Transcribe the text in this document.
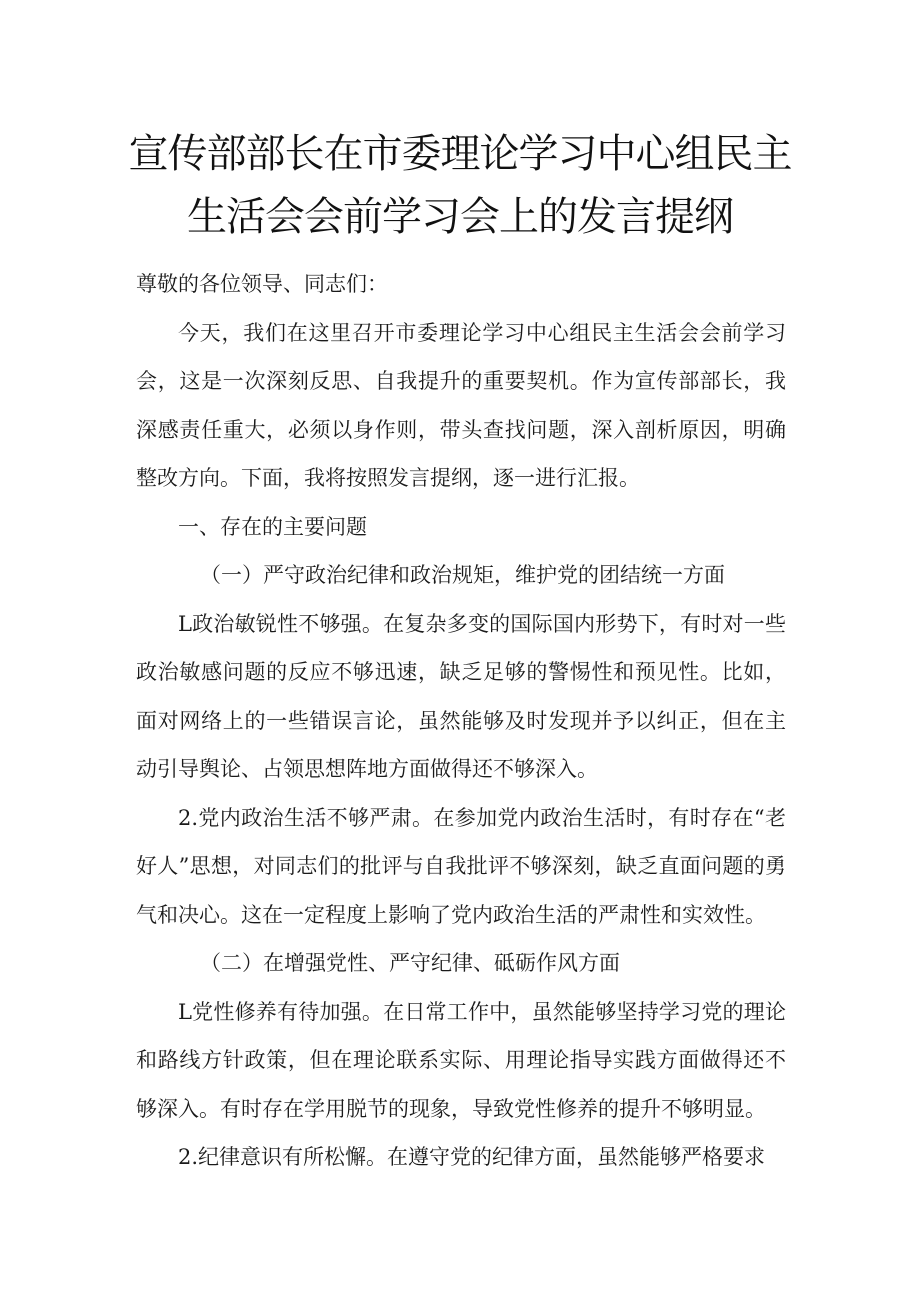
宣传部部长在市委理论学习中心组民主
生活会会前学习会上的发言提纲

尊敬的各位领导、同志们：

今天，我们在这里召开市委理论学习中心组民主生活会会前学习会，这是一次深刻反思、自我提升的重要契机。作为宣传部部长，我深感责任重大，必须以身作则，带头查找问题，深入剖析原因，明确整改方向。下面，我将按照发言提纲，逐一进行汇报。

一、存在的主要问题

（一）严守政治纪律和政治规矩，维护党的团结统一方面

L政治敏锐性不够强。在复杂多变的国际国内形势下，有时对一些政治敏感问题的反应不够迅速，缺乏足够的警惕性和预见性。比如，面对网络上的一些错误言论，虽然能够及时发现并予以纠正，但在主动引导舆论、占领思想阵地方面做得还不够深入。

2.党内政治生活不够严肃。在参加党内政治生活时，有时存在“老好人”思想，对同志们的批评与自我批评不够深刻，缺乏直面问题的勇气和决心。这在一定程度上影响了党内政治生活的严肃性和实效性。

（二）在增强党性、严守纪律、砥砺作风方面

L党性修养有待加强。在日常工作中，虽然能够坚持学习党的理论和路线方针政策，但在理论联系实际、用理论指导实践方面做得还不够深入。有时存在学用脱节的现象，导致党性修养的提升不够明显。

2.纪律意识有所松懈。在遵守党的纪律方面，虽然能够严格要求
